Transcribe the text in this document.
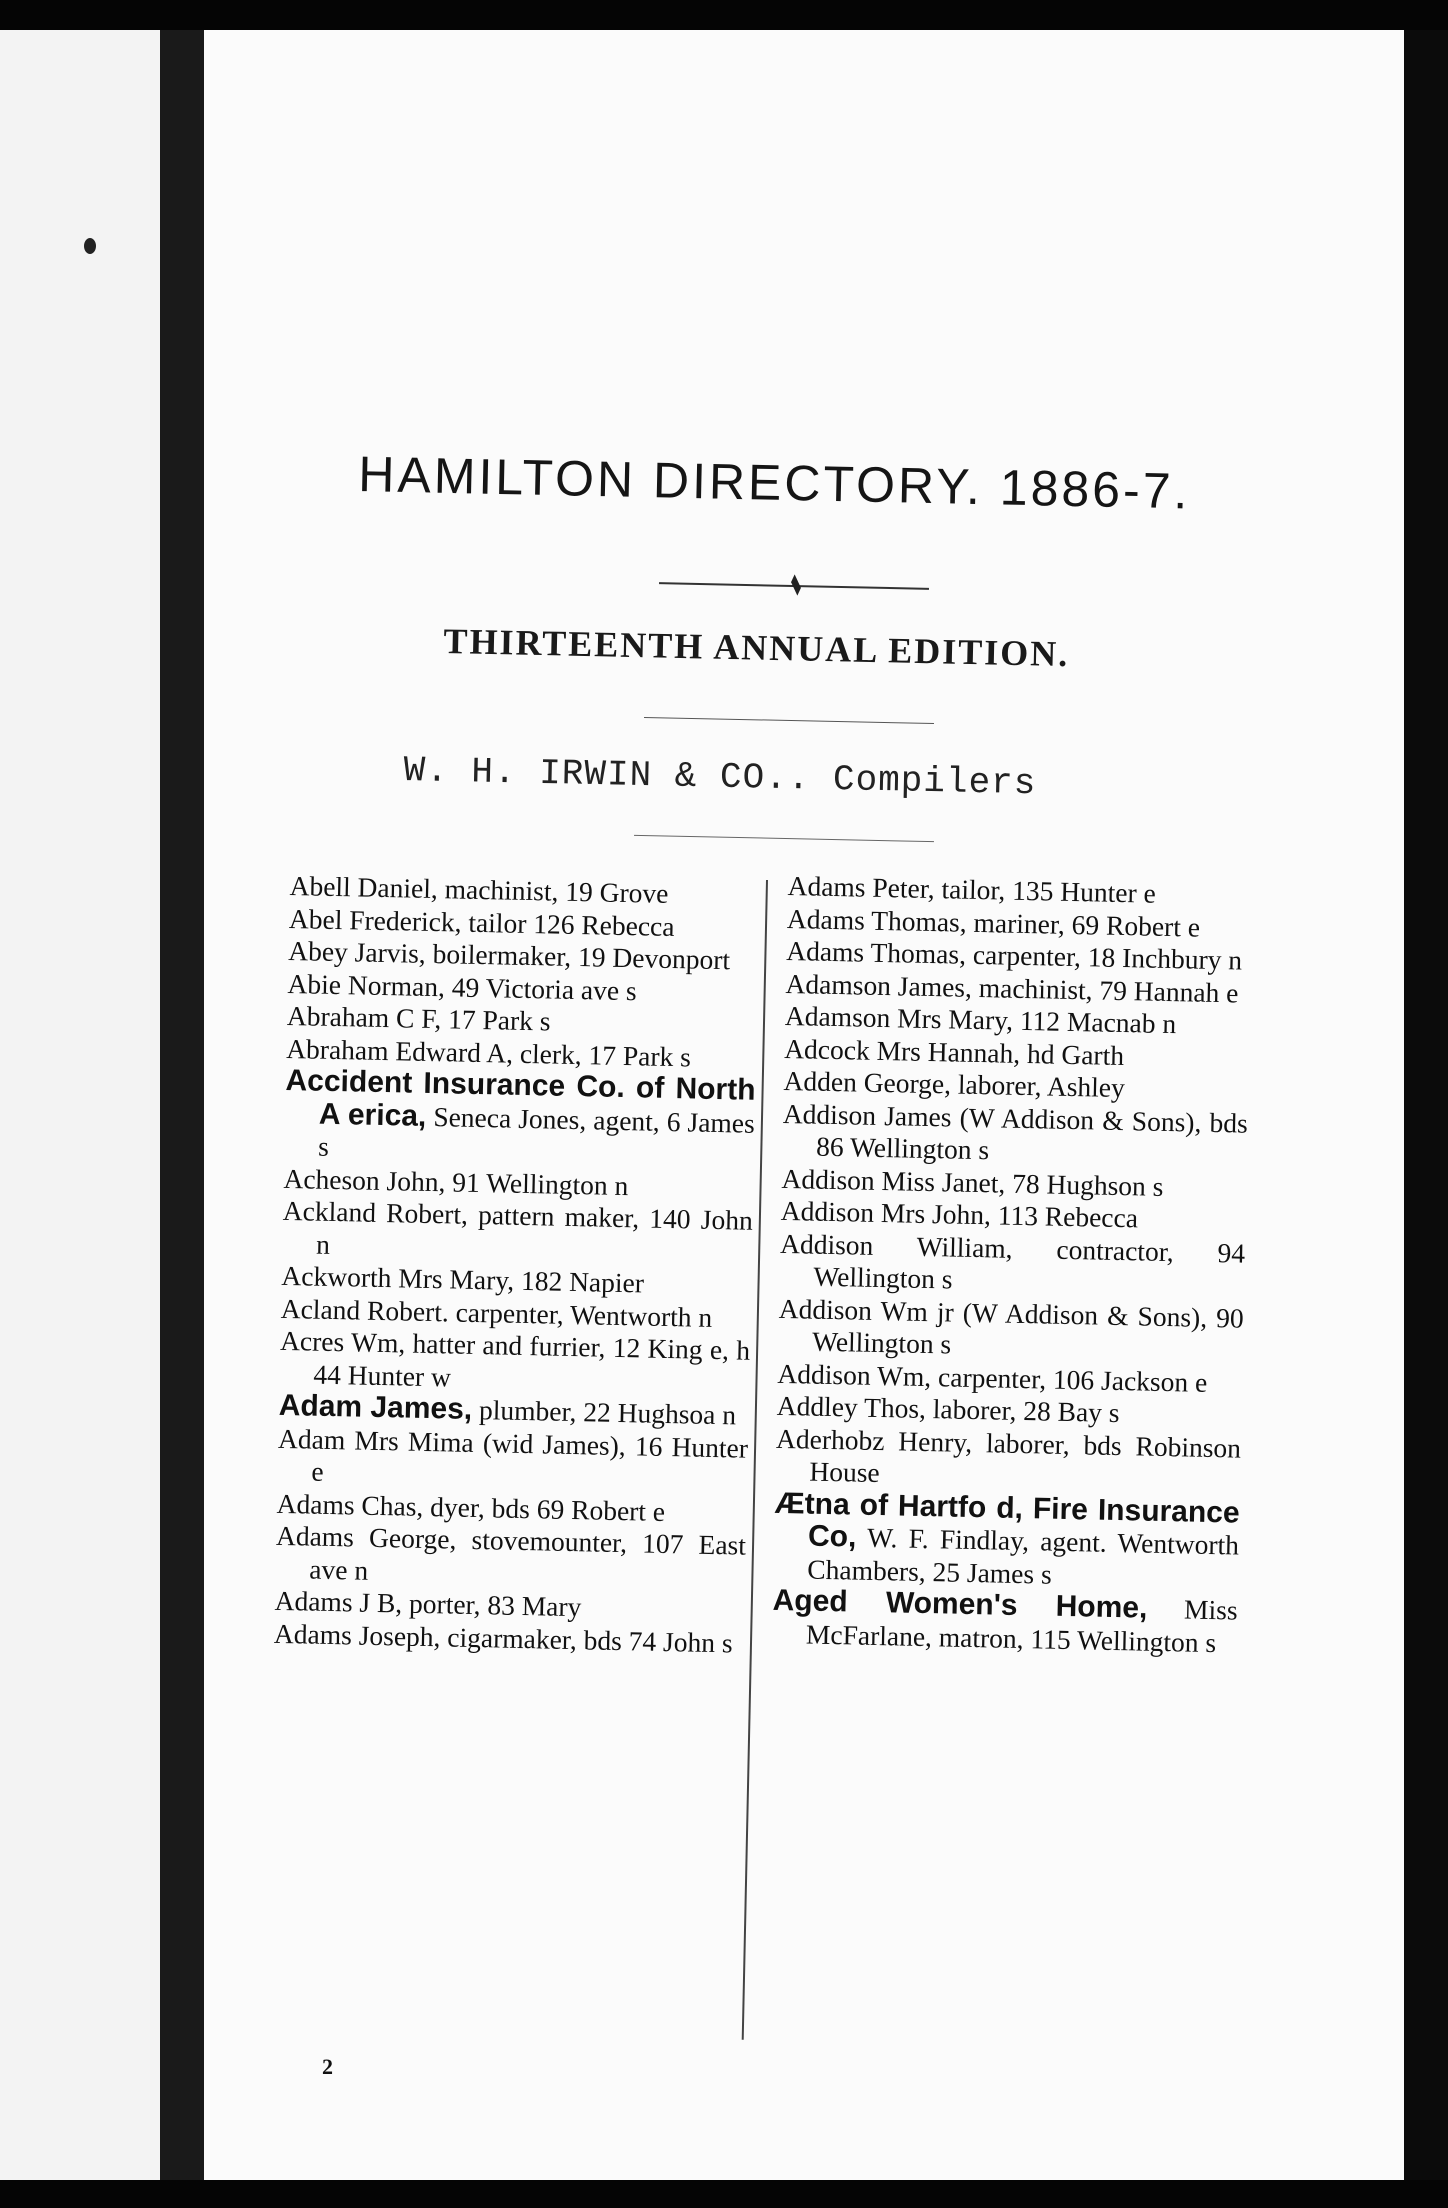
HAMILTON DIRECTORY. 1886-7.
THIRTEENTH ANNUAL EDITION.
W. H. IRWIN & CO.. Compilers

Abell Daniel, machinist, 19 Grove

Abel Frederick, tailor 126 Rebecca

Abey Jarvis, boilermaker, 19 Devonport

Abie Norman, 49 Victoria ave s

Abraham C F, 17 Park s

Abraham Edward A, clerk, 17 Park s

Accident Insurance Co. of North A erica, Seneca Jones, agent, 6 James s

Acheson John, 91 Wellington n

Ackland Robert, pattern maker, 140 John n

Ackworth Mrs Mary, 182 Napier

Acland Robert. carpenter, Wentworth n

Acres Wm, hatter and furrier, 12 King e, h 44 Hunter w

Adam James, plumber, 22 Hughsoa n

Adam Mrs Mima (wid James), 16 Hunter e

Adams Chas, dyer, bds 69 Robert e

Adams George, stovemounter, 107 East ave n

Adams J B, porter, 83 Mary

Adams Joseph, cigarmaker, bds 74 John s

Adams Peter, tailor, 135 Hunter e

Adams Thomas, mariner, 69 Robert e

Adams Thomas, carpenter, 18 Inchbury n

Adamson James, machinist, 79 Hannah e

Adamson Mrs Mary, 112 Macnab n

Adcock Mrs Hannah, hd Garth

Adden George, laborer, Ashley

Addison James (W Addison & Sons), bds 86 Wellington s

Addison Miss Janet, 78 Hughson s

Addison Mrs John, 113 Rebecca

Addison William, contractor, 94 Wellington s

Addison Wm jr (W Addison & Sons), 90 Wellington s

Addison Wm, carpenter, 106 Jackson e

Addley Thos, laborer, 28 Bay s

Aderhobz Henry, laborer, bds Robinson House

Ætna of Hartfo d, Fire Insurance Co, W. F. Findlay, agent. Wentworth Chambers, 25 James s

Aged Women's Home, Miss McFarlane, matron, 115 Wellington s

2
